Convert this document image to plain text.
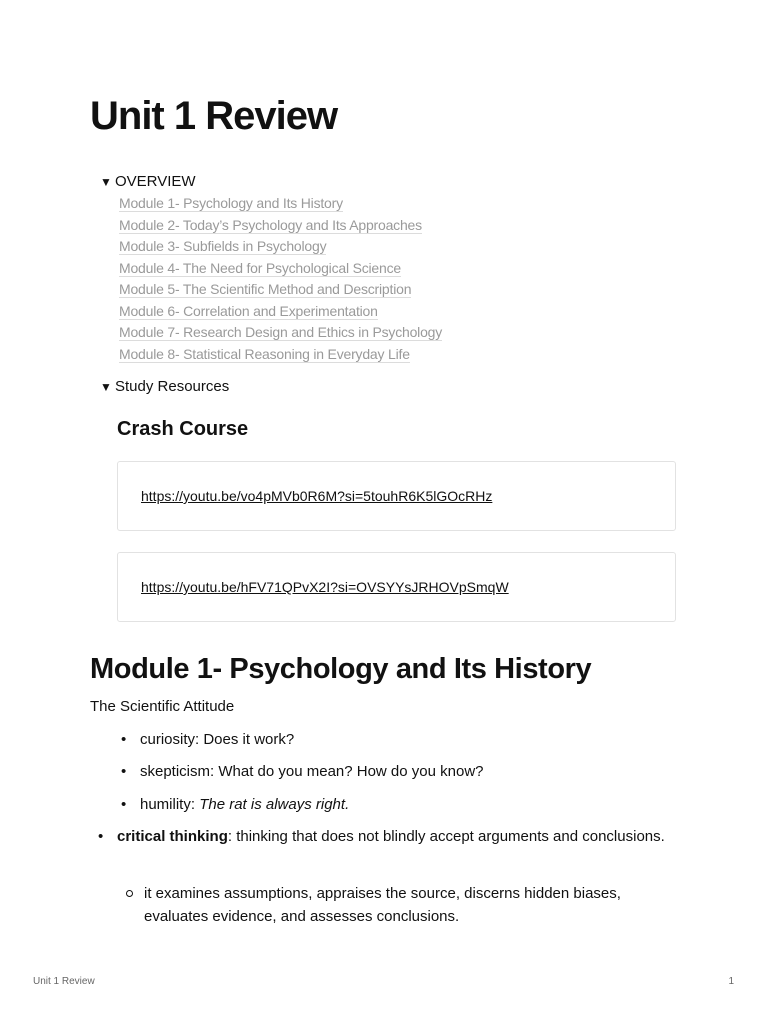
Unit 1 Review
▼ OVERVIEW
Module 1- Psychology and Its History
Module 2- Today’s Psychology and Its Approaches
Module 3- Subfields in Psychology
Module 4- The Need for Psychological Science
Module 5- The Scientific Method and Description
Module 6- Correlation and Experimentation
Module 7- Research Design and Ethics in Psychology
Module 8- Statistical Reasoning in Everyday Life
▼ Study Resources
Crash Course
https://youtu.be/vo4pMVb0R6M?si=5touhR6K5lGOcRHz
https://youtu.be/hFV71QPvX2I?si=OVSYYsJRHOVpSmqW
Module 1- Psychology and Its History

The Scientific Attitude

• curiosity: Does it work?

• skepticism: What do you mean? How do you know?

• humility: The rat is always right.

• critical thinking: thinking that does not blindly accept arguments and conclusions.

it examines assumptions, appraises the source, discerns hidden biases, evaluates evidence, and assesses conclusions.

Unit 1 Review	1
